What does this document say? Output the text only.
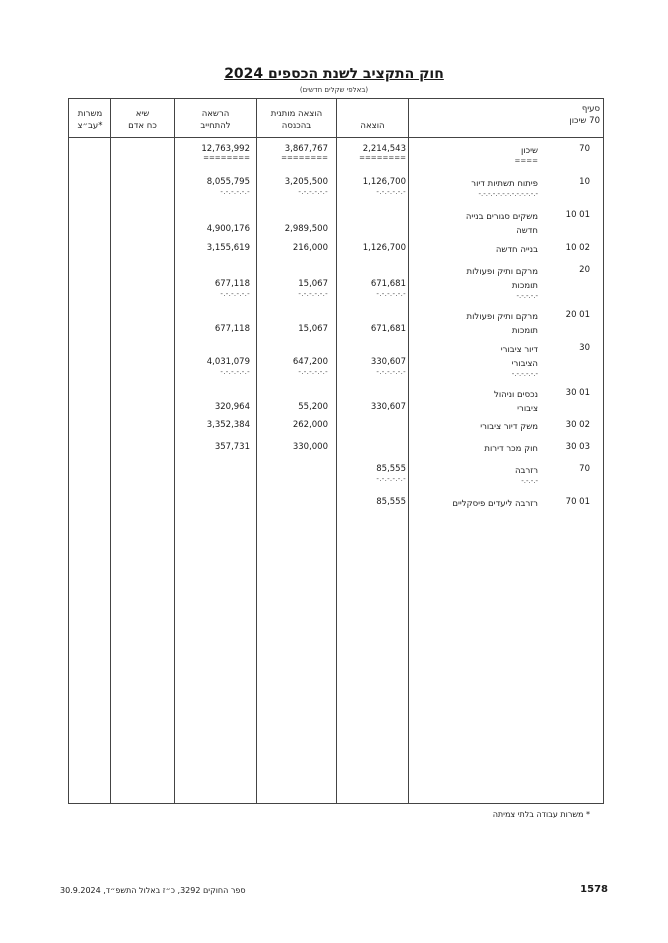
חוק התקציב לשנת הכספים 2024
(באלפי שקלים חדשים)
משרות
עב״צ*
שיא
כח אדם
הרשאה
להתחייב
הוצאה מותנית
בהכנסה	הוצאה
סעיף
70 שיכון
70
שיכון
====
2,214,543
========
3,867,767
========
12,763,992
========
10
פיתוח תשתיות דיור
-.-.-.-.-.-.-.-.-.-.-.-.-
1,126,700
-.-.-.-.-.-
3,205,500
-.-.-.-.-.-
8,055,795
-.-.-.-.-.-
10 01
משקים סגורים בנייה
חדשה
2,989,500
4,900,176
10 02
בנייה חדשה
1,126,700
216,000
3,155,619
20
מרקם ותיק ופעולות
תומכות
-.-.-.-.-
671,681
-.-.-.-.-.-
15,067
-.-.-.-.-.-
677,118
-.-.-.-.-.-
20 01
מרקם ותיק ופעולות
תומכות
671,681
15,067
677,118
30
דיור ציבורי
הציבורי
-.-.-.-.-.-
330,607
-.-.-.-.-.-
647,200
-.-.-.-.-.-
4,031,079
-.-.-.-.-.-
30 01
נכסים וניהול
ציבורי
330,607
55,200
320,964
30 02
משק דיור ציבורי
262,000
3,352,384
30 03
חוק מכר דירות
330,000
357,731
70
רזרבה
-.-.-.-
85,555
-.-.-.-.-.-
70 01
רזרבה ליעדים פיסקליים
85,555
* משרות עבודה בלתי צמיתה
1578
ספר החוקים 3292, כ״ז באלול התשפ״ד, 30.9.2024
